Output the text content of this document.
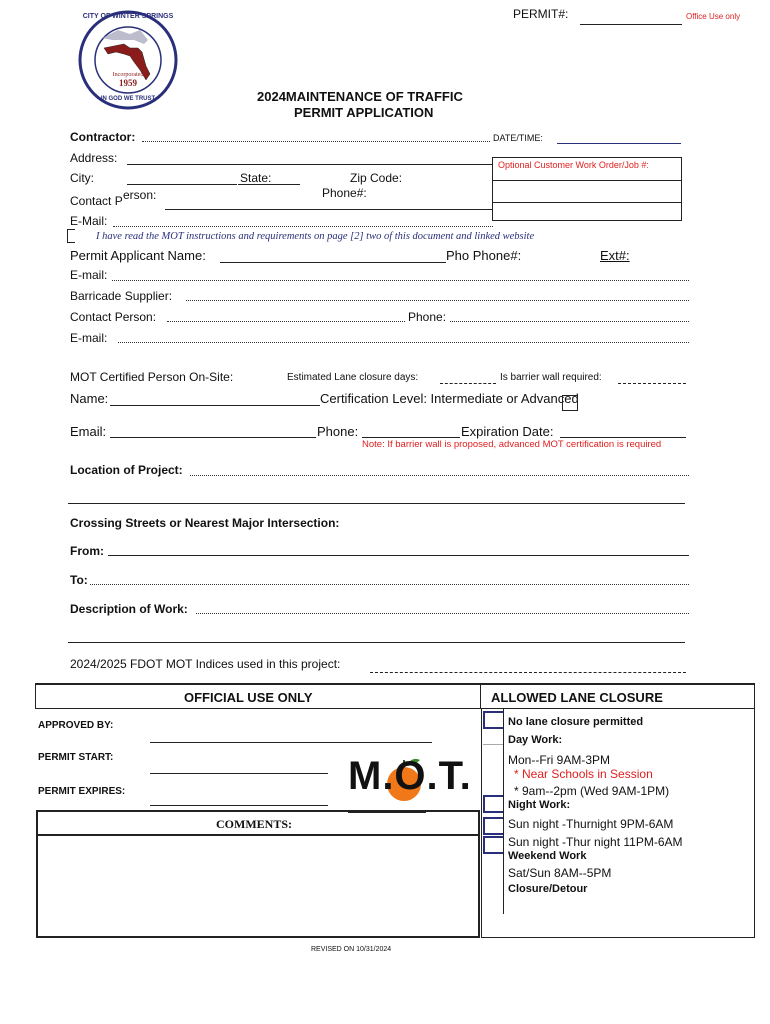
PERMIT#:	Office Use only
CITY OF WINTER SPRINGS
Incorporated
1959
IN GOD WE TRUST	2024MAINTENANCE OF TRAFFIC
PERMIT APPLICATION
Contractor:	DATE/TIME:
Address:	Optional Customer Work Order/Job #:
City:	State:	Zip Code:
Contact P erson:	Phone#:
E-Mail:
I have read the MOT instructions and requirements on page [2] two of this document and linked website
Permit Applicant Name:	Pho Phone#:	Ext#:
E-mail:
Barricade Supplier:
Contact Person:	Phone:
E-mail:
MOT Certified Person On-Site:	Estimated Lane closure days:	Is barrier wall required:
Name:	Certification Level: Intermediate or Advanced
Email:	Phone:	Expiration Date:
Note: If barrier wall is proposed, advanced MOT certification is required
Location of Project:
Crossing Streets or Nearest Major Intersection:
From:
To:
Description of Work:
2024/2025 FDOT MOT Indices used in this project:
OFFICIAL USE ONLY
APPROVED BY:
PERMIT START:
PERMIT EXPIRES:	M.O.T.
COMMENTS:
ALLOWED LANE CLOSURE
No lane closure permitted
Day Work:
Mon--Fri 9AM-3PM
* Near Schools in Session
* 9am--2pm (Wed 9AM-1PM)
Night Work:
Sun night -Thurnight 9PM-6AM
Sun night -Thur night 11PM-6AM
Weekend Work
Sat/Sun 8AM--5PM
Closure/Detour
REVISED ON 10/31/2024
